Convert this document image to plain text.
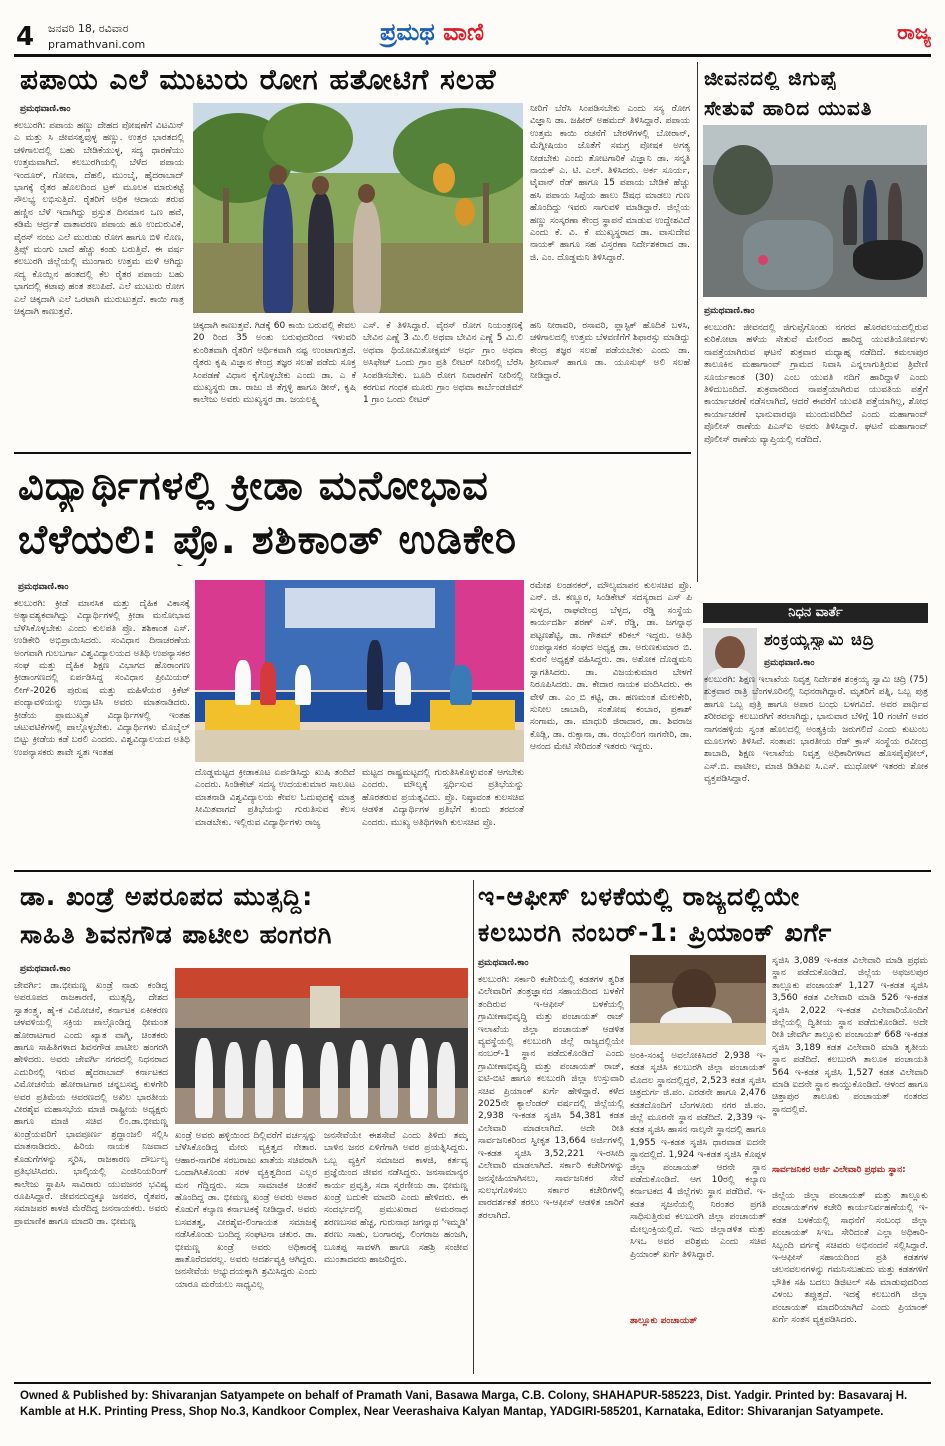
4 ಜನವರಿ 18, ರವಿವಾರ
pramathvani.com	ಪ್ರಮಥ ವಾಣಿ	ರಾಜ್ಯ
ಪಪಾಯ ಎಲೆ ಮುಟುರು ರೋಗ ಹತೋಟಿಗೆ ಸಲಹೆ
ಪ್ರಮಥವಾಣಿ.ಕಾಂ
ಕಲಬುರಗಿ: ಪಪಾಯ ಹಣ್ಣು ದೇಹದ ಪೋಷಣೆಗೆ ವಿಟಮಿನ್ ಎ ಮತ್ತು ಸಿ ಜೀವಸತ್ವವುಳ್ಳ ಹಣ್ಣು. ಉತ್ತರ ಭಾರತದಲ್ಲಿ ಚಳಿಗಾಲದಲ್ಲಿ ಬಹು ಬೇಡಿಕೆಯುಳ್ಳ, ಸದ್ಯ ಧಾರಣೆಯು ಉತ್ತಮವಾಗಿದೆ. ಕಲಬುರಗಿಯಲ್ಲಿ ಬೆಳೆದ ಪಪಾಯ ಇಂದೂರ್, ಗೋವಾ, ದೆಹಲಿ, ಮುಂಬೈ, ಹೈದರಾಬಾದ್ ಭಾಗಕ್ಕೆ ರೈತರ ಹೊಲದಿಂದ ಟ್ರಕ್ ಮೂಲಕ ಮಾರುಕಟ್ಟೆ ಸೌಲಭ್ಯ ಲಭಿಸುತ್ತಿದೆ. ರೈತರಿಗೆ ಅಧಿಕ ಆದಾಯ ತರುವ ಹಣ್ಣಿನ ಬೆಳೆ ಇದಾಗಿದ್ದು ಪ್ರಸ್ತುತ ದಿನಮಾನ ಒಣ ಹವೆ, ಕಡಿಮೆ ಆರ್ದ್ರತೆ ವಾತಾವರಣ ಪಪಾಯ ಹೂ ಉದುರುವಿಕೆ, ವೈರಸ್ ನಂಜು ಎಲೆ ಮುರುಡು ರೋಗ ಹಾಗೂ ಬಿಳಿ ನೊಣ, ತ್ರಿಪ್ಸ್ ಮಂಗು ಬಾದೆ ಹೆಚ್ಚು ಕಂಡು ಬರುತ್ತಿವೆ. ಈ ವರ್ಷ ಕಲಬುರಗಿ ಜಿಲ್ಲೆಯಲ್ಲಿ ಮುಂಗಾರು ಉತ್ತಮ ಮಳೆ ಆಗಿದ್ದು ಸದ್ಯ ಕೊಯ್ಲಿನ ಹಂತದಲ್ಲಿ ಕೆಲ ರೈತರ ಪಪಾಯ ಬಹು ಭಾಗದಲ್ಲಿ ಕಟಾವು ಹಂತ ತಲುಪಿದೆ. ಎಲೆ ಮುಟುರು ರೋಗ ಎಲೆ ಚಿಕ್ಕದಾಗಿ ಎಲೆ ಒರಟಾಗಿ ಮುರುಟುತ್ತದೆ. ಕಾಯಿ ಗಾತ್ರ ಚಿಕ್ಕದಾಗಿ ಕಾಣುತ್ತವೆ.
ಚಿಕ್ಕದಾಗಿ ಕಾಣುತ್ತವೆ. ಗಿಡಕ್ಕೆ 60 ಕಾಯಿ ಬರುವಲ್ಲಿ ಕೇವಲ 20 ರಿಂದ 35 ಅಂತು ಬರುವುದರಿಂದ ಇಳುವರಿ ಕುಂಠಿತವಾಗಿ ರೈತರಿಗೆ ಆರ್ಥಿಕವಾಗಿ ನಷ್ಟ ಉಂಟಾಗುತ್ತದೆ. ರೈತರು ಕೃಷಿ ವಿಜ್ಞಾನ ಕೇಂದ್ರ ತಜ್ಞರ ಸಲಹೆ ಪಡೆದು ಸೂಕ್ತ ಸಿಂಪಡಣೆ ವಿಧಾನ ಕೈಗೊಳ್ಳಬೇಕು ಎಂದು ಡಾ. ಎ ಕೆ ಮುಖ್ಯಸ್ಥರು ಡಾ. ರಾಜು ಜಿ ತೆಗ್ಗಳ್ಳಿ ಹಾಗೂ ಡೀನ್, ಕೃಷಿ ಕಾಲೇಜು ಅವರು ಮುಖ್ಯಸ್ಥರ ಡಾ. ಜಯಲಕ್ಷ್ಮಿ
ಎಸ್. ಕೆ ತಿಳಿಸಿದ್ದಾರೆ. ವೈರಸ್ ರೋಗ ನಿಯಂತ್ರಣಕ್ಕೆ ಬೇವಿನ ಎಣ್ಣೆ 3 ಮಿ.ಲಿ ಅಥವಾ ಬೇವಿನ ಎಣ್ಣೆ 5 ಮಿ.ಲಿ ಅಥವಾ ಥಿಯೋಮಿತೋಕ್ಸಮ್ ಅರ್ಧ ಗ್ರಾಂ ಅಥವಾ ಅಸಿಫೇಟ್ ಒಂದು ಗ್ರಾಂ ಪ್ರತಿ ಲೀಟರ್ ನೀರಿನಲ್ಲಿ ಬೆರೆಸಿ ಸಿಂಪಡಿಸಬೇಕು. ಬೂದಿ ರೋಗ ನಿವಾರಣೆಗೆ ನೀರಿನಲ್ಲಿ ಕರಗುವ ಗಂಧಕ ಮೂರು ಗ್ರಾಂ ಅಥವಾ ಕಾರ್ಬೆಂಡಜಿಮ್ 1 ಗ್ರಾಂ ಒಂದು ಲೀಟರ್
ನೀರಿಗೆ ಬೆರೆಸಿ ಸಿಂಪಡಿಸಬೇಕು ಎಂದು ಸಸ್ಯ ರೋಗ ವಿಜ್ಞಾನಿ ಡಾ. ಜಹೀರ್ ಅಹಮದ್ ತಿಳಿಸಿದ್ದಾರೆ. ಪಪಾಯ ಉತ್ತಮ ಕಾಯಿ ರಚನೆಗೆ ಬೇರಳೆಗಳಲ್ಲಿ ಬೋರಾನ್, ಮೆಗ್ನೀಷಿಯಂ ಜೊತೆಗೆ ಸಮಗ್ರ ಪೋಷಕ ಅಗತ್ಯ ನೀಡಬೇಕು ಎಂದು ತೋಟಗಾರಿಕೆ ವಿಜ್ಞಾನಿ ಡಾ. ಸನ್ಮತಿ ನಾಯಕ್ ಎ. ಟಿ. ಎಲ್. ತಿಳಿಸಿದರು. ಅರ್ಕ ಸೂರ್ಯ, ಟೈವಾನ್ ರೆಡ್ ಹಾಗೂ 15 ಪಪಾಯ ಬೇಡಿಕೆ ಹೆಚ್ಚು ಹಸಿ ಪಪಾಯ ಸಿಪ್ಪೆಯ ಹಾಲು ಔಷಧ ಮಾಡಲು ಗುಣ ಹೊಂದಿದ್ದು ಇವರು ಸಾಗುವಳಿ ಮಾಡಿದ್ದಾರೆ. ಜಿಲ್ಲೆಯ ಹಣ್ಣು ಸಂಸ್ಕರಣಾ ಕೇಂದ್ರ ಸ್ಥಾಪನೆ ಮಾಡುವ ಉದ್ದೇಶವಿದೆ ಎಂದು ಕೆ. ವಿ. ಕೆ ಮುಖ್ಯಸ್ಥರಾದ ಡಾ. ವಾಸುದೇವ ನಾಯಕ್ ಹಾಗೂ ಸಹ ವಿಸ್ತರಣಾ ನಿರ್ದೇಶಕರಾದ ಡಾ. ಜಿ. ಎಂ. ದೊಡ್ಡಮನಿ ತಿಳಿಸಿದ್ದಾರೆ.
ಹನಿ ನೀರಾವರಿ, ರಸಾವರಿ, ಪ್ಲಾಸ್ಟಿಕ್ ಹೊದಿಕೆ ಬಳಸಿ, ಚಳಿಗಾಲದಲ್ಲಿ ಉತ್ತಮ ಬೆಳವಣಿಗೆಗೆ ಶಿಫಾರಸ್ಸು ಮಾಡಿದ್ದು ಕೇಂದ್ರ ತಜ್ಞರ ಸಲಹೆ ಪಡೆಯಬೇಕು ಎಂದು ಡಾ. ಶ್ರೀನಿವಾಸ್ ಹಾಗೂ ಡಾ. ಯೂಸುಫ್ ಅಲಿ ಸಲಹೆ ನೀಡಿದ್ದಾರೆ.
ಜೀವನದಲ್ಲಿ ಜಿಗುಪ್ಸೆ
ಸೇತುವೆ ಹಾರಿದ ಯುವತಿ
ಪ್ರಮಥವಾಣಿ.ಕಾಂ
ಕಲಬುರಗಿ: ಜೀವನದಲ್ಲಿ ಜಿಗುಪ್ಸೆಗೊಂಡು ನಗರದ ಹೊರವಲಯದಲ್ಲಿರುವ ಕುರಿಕೋಟಾ ಹಳೆಯ ಸೇತುವೆ ಮೇಲಿಂದ ಹಾರಿದ್ದ ಯುವತಿಯೋರ್ವಳು ನಾಪತ್ತೆಯಾಗಿರುವ ಘಟನೆ ಶುಕ್ರವಾರ ಮಧ್ಯಾಹ್ನ ನಡೆದಿದೆ. ಕಮಲಾಪುರ ತಾಲೂಕಿನ ಮಹಾಗಾಂವ್ ಗ್ರಾಮದ ನಿವಾಸಿ ಎನ್ನಲಾಗುತ್ತಿರುವ ತ್ರಿವೇಣಿ ಸೂರ್ಯಕಾಂತ (30) ಎಂಬ ಯುವತಿ ನದಿಗೆ ಹಾರಿದ್ದಾಳೆ ಎಂದು ತಿಳಿದುಬಂದಿದೆ. ಶುಕ್ರವಾರದಿಂದ ನಾಪತ್ತೆಯಾಗಿರುವ ಯುವತಿಯ ಪತ್ತೆಗೆ ಕಾರ್ಯಾಚರಣೆ ನಡೆಸಲಾಗಿದೆ, ಆದರೆ ಈವರೆಗೆ ಯುವತಿ ಪತ್ತೆಯಾಗಿಲ್ಲ, ಶೋಧ ಕಾರ್ಯಾಚರಣೆ ಭಾನುವಾರವೂ ಮುಂದುವರಿದಿದೆ ಎಂದು ಮಹಾಗಾಂವ್ ಪೊಲೀಸ್ ಠಾಣೆಯ ಪಿಎಸ್ಐ ಅವರು ತಿಳಿಸಿದ್ದಾರೆ. ಘಟನೆ ಮಹಾಗಾಂವ್ ಪೊಲೀಸ್ ಠಾಣೆಯ ವ್ಯಾಪ್ತಿಯಲ್ಲಿ ನಡೆದಿದೆ.
ವಿದ್ಯಾರ್ಥಿಗಳಲ್ಲಿ ಕ್ರೀಡಾ ಮನೋಭಾವ
ಬೆಳೆಯಲಿ: ಪ್ರೊ. ಶಶಿಕಾಂತ್ ಉಡಿಕೇರಿ
ಪ್ರಮಥವಾಣಿ.ಕಾಂ
ಕಲಬುರಗಿ: ಕ್ರೀಡೆ ಮಾನಸಿಕ ಮತ್ತು ದೈಹಿಕ ವಿಕಾಸಕ್ಕೆ ಅತ್ಯಾವಶ್ಯಕವಾಗಿದ್ದು ವಿದ್ಯಾರ್ಥಿಗಳಲ್ಲಿ ಕ್ರೀಡಾ ಮನೋಭಾವ ಬೆಳೆಸಿಕೊಳ್ಳಬೇಕು ಎಂದು ಕುಲಪತಿ ಪ್ರೊ. ಶಶಿಕಾಂತ ಎಸ್. ಉಡಿಕೇರಿ ಅಭಿಪ್ರಾಯಿಸಿದರು. ಸಂವಿಧಾನ ದಿನಾಚರಣೆಯ ಅಂಗವಾಗಿ ಗುಲಬರ್ಗಾ ವಿಶ್ವವಿದ್ಯಾಲಯದ ಅತಿಥಿ ಉಪನ್ಯಾಸಕರ ಸಂಘ ಮತ್ತು ದೈಹಿಕ ಶಿಕ್ಷಣ ವಿಭಾಗದ ಹೊರಾಂಗಣ ಕ್ರೀಡಾಂಗಣದಲ್ಲಿ ಏರ್ಪಡಿಸಿದ್ದ ಸಂವಿಧಾನ ಪ್ರೀಮಿಯರ್ ಲೀಗ್-2026 ಪುರುಷ ಮತ್ತು ಮಹಿಳೆಯರ ಕ್ರಿಕೆಟ್ ಪಂದ್ಯಾವಳಿಯನ್ನು ಉದ್ಘಾಟಿಸಿ ಅವರು ಮಾತನಾಡಿದರು. ಕ್ರೀಡೆಯ ಪ್ರಾಮುಖ್ಯತೆ ವಿದ್ಯಾರ್ಥಿಗಳಲ್ಲಿ ಇಂತಹ ಚಟುವಟಿಕೆಗಳಲ್ಲಿ ಪಾಲ್ಗೊಳ್ಳಬೇಕು. ವಿದ್ಯಾರ್ಥಿಗಳು ಮೊಬೈಲ್ ಬಿಟ್ಟು ಕ್ರೀಡೆಯ ಕಡೆ ಬರಲಿ ಎಂದರು. ವಿಶ್ವವಿದ್ಯಾಲಯದ ಅತಿಥಿ ಉಪನ್ಯಾಸಕರು ತಾವೇ ಸ್ವತಃ ಇಂತಹ
ದೊಡ್ಡಮಟ್ಟದ ಕ್ರೀಡಾಕೂಟ ಏರ್ಪಡಿಸಿದ್ದು ಖುಷಿ ತಂದಿದೆ ಎಂದರು. ಸಿಂಡಿಕೇಟ್ ಸದಸ್ಯ ಉದಯಕುಮಾರ ಸಾಲೂಟ ಮಾತನಾಡಿ ವಿಶ್ವವಿದ್ಯಾಲಯ ಕೇವಲ ಓದುವುದಕ್ಕೆ ಮಾತ್ರ ಸೀಮಿತವಾಗದೆ ಪ್ರತಿಭೆಯನ್ನು ಗುರುತಿಸುವ ಕೆಲಸ ಮಾಡಬೇಕು. ಇಲ್ಲಿರುವ ವಿದ್ಯಾರ್ಥಿಗಳು ರಾಜ್ಯ
ಮಟ್ಟದ ರಾಷ್ಟ್ರಮಟ್ಟದಲ್ಲಿ ಗುರುತಿಸಿಕೊಳ್ಳುವಂತೆ ಆಗಬೇಕು ಎಂದರು. ಮೌಲ್ಯಕ್ಕೆ ಸ್ಪರ್ಧಿಸುವ ಪ್ರತಿಭೆಯನ್ನು ಹೊರತರುವ ಪ್ರಯತ್ನವಿದು. ಪ್ರೊ. ನಿಷ್ಠಾವಂತ ಕುಲಸಚಿವ ಆಡಳಿತ ವಿದ್ಯಾರ್ಥಿಗಳ ಪ್ರತಿಭೆಗೆ ಕುಂದು ತರದಂತೆ ಎಂದರು. ಮುಖ್ಯ ಅತಿಥಿಗಳಾಗಿ ಕುಲಸಚಿವ ಪ್ರೊ.
ರಮೇಶ ಲಂಡನಕರ್, ಮೌಲ್ಯಮಾಪನ ಕುಲಸಚಿವ ಪ್ರೊ. ಎನ್. ಜಿ. ಕಣ್ಣೂರ, ಸಿಂಡಿಕೇಟ್ ಸದಸ್ಯರಾದ ಎಸ್ ಪಿ ಸುಳ್ಳದ, ರಾಘವೇಂದ್ರ ಬೆಳ್ಳದ, ರೆಡ್ಡಿ ಸಂಸ್ಥೆಯ ಕಾರ್ಯದರ್ಶಿ ಶರಣ್ ಎಸ್. ರೆಡ್ಡಿ, ಡಾ. ಜಗನ್ನಾಥ ಪಟ್ಟಣಶೆಟ್ಟಿ, ಡಾ. ಗೌತಮ್ ಕರಿಕಲ್ ಇದ್ದರು. ಅತಿಥಿ ಉಪನ್ಯಾಸಕರ ಸಂಘದ ಅಧ್ಯಕ್ಷ ಡಾ. ಅರುಣಕುಮಾರ ಬಿ. ಕುರನೆ ಅಧ್ಯಕ್ಷತೆ ವಹಿಸಿದ್ದರು. ಡಾ. ಅಶೋಕ ದೊಡ್ಡಮನಿ ಸ್ವಾಗತಿಸಿದರು. ಡಾ. ವಿಜಯಕುಮಾರ ಬೇಳಗೆ ನಿರೂಪಿಸಿದರು. ಡಾ. ಕೇದಾರ ನಾಯಕ ವಂದಿಸಿದರು. ಈ ವೇಳೆ ಡಾ. ಎಂ ಬಿ ಕಟ್ಟಿ, ಡಾ. ಹಣಮಂತ ಮೇಲಕೇರಿ, ಸುನೀಲ ಜಾಬಾದಿ, ಸಂತೋಷ ಕಂಬಾರ, ಪ್ರಕಾಶ್ ಸಂಗಾಮ, ಡಾ. ಮಾಧುರಿ ಜಿರಾದಾರ, ಡಾ. ಶಿವರಾಜ ಕೊಡ್ಲಿ, ಡಾ. ರುಕ್ಸಾನಾ, ಡಾ. ರಂಭುಲಿಂಗ ನಾಗನೇರಿ, ಡಾ. ಆನಂದ ಮೇಟಿ ಸೇರಿದಂತೆ ಇತರರು ಇದ್ದರು.
ನಿಧನ ವಾರ್ತೆ
ಶಂಕ್ರಯ್ಯಸ್ವಾಮಿ ಚಿದ್ರಿ
ಪ್ರಮಥವಾಣಿ.ಕಾಂ
ಕಲಬುರಗಿ: ಶಿಕ್ಷಣ ಇಲಾಖೆಯ ನಿವೃತ್ತ ನಿರ್ದೇಶಕ ಶಂಕ್ರಯ್ಯ ಸ್ವಾಮಿ ಚಿದ್ರಿ (75) ಶುಕ್ರವಾರ ರಾತ್ರಿ ಬೆಂಗಳೂರಿನಲ್ಲಿ ನಿಧನರಾಗಿದ್ದಾರೆ. ಮೃತರಿಗೆ ಪತ್ನಿ, ಒಬ್ಬ ಪುತ್ರ ಹಾಗೂ ಒಬ್ಬ ಪುತ್ರಿ ಹಾಗೂ ಅಪಾರ ಬಂಧು ಬಳಗವಿದೆ. ಅವರ ಪಾರ್ಥಿವ ಶರೀರವನ್ನು ಕಲಬುರಗಿಗೆ ತರಲಾಗಿದ್ದು, ಭಾನುವಾರ ಬೆಳಿಗ್ಗೆ 10 ಗಂಟೆಗೆ ಅವರ ನಾಗನಹಳ್ಳಿಯ ಸ್ವಂತ ಹೊಲದಲ್ಲಿ ಅಂತ್ಯಕ್ರಿಯೆ ಜರುಗಲಿದೆ ಎಂದು ಕುಟುಂಬ ಮೂಲಗಳು ತಿಳಿಸಿವೆ. ಸಂತಾಪ: ಭಾರತೀಯ ರೆಡ್ ಕ್ರಾಸ್ ಸಂಸ್ಥೆಯ ರವೀಂದ್ರ ಶಾಬಾದಿ, ಶಿಕ್ಷಣ ಇಲಾಖೆಯ ನಿವೃತ್ತ ಅಧಿಕಾರಿಗಳಾದ ಹೊಸಪೈಪೋಲ್, ಎಸ್.ಬಿ. ಪಾಟೀಲ, ಮಾಜಿ ಡಿಡಿಪಿಐ ಸಿ.ಎಸ್. ಮುಧೋಳ್ ಇತರರು ಶೋಕ ವ್ಯಕ್ತಪಡಿಸಿದ್ದಾರೆ.
ಡಾ. ಖಂಡ್ರೆ ಅಪರೂಪದ ಮುತ್ಸದ್ದಿ:
ಸಾಹಿತಿ ಶಿವನಗೌಡ ಪಾಟೀಲ ಹಂಗರಗಿ
ಪ್ರಮಥವಾಣಿ.ಕಾಂ
ಜೇವರ್ಗಿ: ಡಾ.ಭೀಮಣ್ಣ ಖಂಡ್ರೆ ನಾಡು ಕಂಡಿದ್ದ ಅಪರೂಪದ ರಾಜಕಾರಣಿ, ಮುತ್ಸದ್ದಿ, ದೇಶದ ಸ್ವಾತಂತ್ರ್ಯ, ಹೈ-ಕ ವಿಮೋಚನೆ, ಕರ್ನಾಟಕ ಏಕೀಕರಣ ಚಳವಳಿಯಲ್ಲಿ ಸಕ್ರಿಯ ಪಾಲ್ಗೊಂಡಿದ್ದ ಧೀಮಂತ ಹೋರಾಟಗಾರ ಎಂದು ಖ್ಯಾತ ವಾಗ್ಮಿ, ಚಿಂತಕರು ಹಾಗೂ ಸಾಹಿತಿಗಳಾದ ಶಿವನಗೌಡ ಪಾಟೀಲ ಹಂಗರಗಿ ಹೇಳಿದರು. ಅವರು ಜೇವರ್ಗಿ ನಗರದಲ್ಲಿ ನಿಧನರಾದ ಎದುರಿನಲ್ಲಿ ಇರುವ ಹೈದರಾಬಾದ್ ಕರ್ನಾಟಕದ ವಿಮೋಚನೆಯ ಹೋರಾಟಗಾರ ಚನ್ನಬಸವ್ವ ಕುಳಗೇರಿ ಅವರ ಪ್ರತಿಮೆಯ ಆವರಣದಲ್ಲಿ ಅಖಿಲ ಭಾರತೀಯ ವೀರಶೈವ ಮಹಾಸಭೆಯ ಮಾಜಿ ರಾಷ್ಟ್ರೀಯ ಅಧ್ಯಕ್ಷರು ಹಾಗೂ ಮಾಜಿ ಸಚಿವ ಲಿಂ.ಡಾ.ಭೀಮಣ್ಣ ಖಂಡ್ರೆಯವರಿಗೆ ಭಾವಪೂರ್ಣ ಶ್ರದ್ಧಾಂಜಲಿ ಸಲ್ಲಿಸಿ ಮಾತನಾಡಿದರು. ಹಿರಿಯ ನಾಯಕ ನಿಜವಾದ ಕೊಡುಗೆಗಳನ್ನು ಸ್ಮರಿಸಿ, ರಾಜಕಾರಣ ದೌರ್ಬಲ್ಯ ಪ್ರತಿಭಟಿಸಿದರು. ಭಾಲ್ಕಿಯಲ್ಲಿ ಎಂಜಿನಿಯರಿಂಗ್ ಕಾಲೇಜು ಸ್ಥಾಪಿಸಿ ಸಾವಿರಾರು ಯುವಜನರ ಭವಿಷ್ಯ ರೂಪಿಸಿದ್ದಾರೆ. ಜೀವನದುದ್ದಕ್ಕೂ ಜನಪರ, ರೈತಪರ, ಸಮಾಜಪರ ಕಾಳಜಿ ಮೆರೆದಿದ್ದ ಜನನಾಯಕರು. ಅವರು ಪ್ರಾಮಾಣಿಕ ಹಾಗೂ ಮಾದರಿ ಡಾ. ಭೀಮಣ್ಣ
ಖಂಡ್ರೆ ಅವರು ಹಳ್ಳಿಯಿಂದ ದಿಲ್ಲಿವರೆಗೆ ವರ್ಚಸ್ಸನ್ನು ಬೆಳೆಸಿಕೊಂಡಿದ್ದ ಮೇರು ವ್ಯಕ್ತಿತ್ವದ ನೇತಾರ. ಆಹಾರ-ನಾಗರಿಕ ಸರಬರಾಜು ಖಾತೆಯ ಸಚಿವರಾಗಿ ಒಂದಾಗಿಸಿಕೊಂಡು ಸರಳ ವ್ಯಕ್ತಿತ್ವದಿಂದ ಎಲ್ಲರ ಮನ ಗೆದ್ದಿದ್ದರು. ಸದಾ ಸಾಮಾಜಿಕ ಚಿಂತನೆ ಹೊಂದಿದ್ದ ಡಾ. ಭೀಮಣ್ಣ ಖಂಡ್ರೆ ಅವರು ಅಪಾರ ಕೊಡುಗೆ ಕಲ್ಯಾಣ ಕರ್ನಾಟಕಕ್ಕೆ ನೀಡಿದ್ದಾರೆ. ಅವರು ಬಸವತತ್ವ, ವೀರಶೈವ-ಲಿಂಗಾಯತ ಸಮಾಜಕ್ಕೆ ನಡೆಸಿಕೊಂಡು ಬಂದಿದ್ದ ಸಂಘಟನಾ ಚತುರ. ಡಾ. ಭೀಮಣ್ಣ ಖಂಡ್ರೆ ಅವರು ಅಧಿಕಾರಕ್ಕೆ ಹಾತೊರೆದವರಲ್ಲ. ಅವರು ಆದರ್ಶವ್ಯಕ್ತಿ ಆಗಿದ್ದರು. ಜನಸೇವೆಯ ಅಭ್ಯುದಯಕ್ಕಾಗಿ ಶ್ರಮಿಸಿದ್ದರು ಎಂದು ಯಾರೂ ಮರೆಯಲು ಸಾಧ್ಯವಿಲ್ಲ
ಜನಸೇವೆಯೇ ಈಶಸೇವೆ ಎಂದು ತಿಳಿದು ತಮ್ಮ ಬಾಳಿನ ಜನರ ಏಳಿಗೆಗಾಗಿ ಅವರ ಪ್ರಯತ್ನಿಸಿದ್ದರು. ಒಬ್ಬ ವ್ಯಕ್ತಿಗೆ ಸಮಾಜದ ಕಾಳಜಿ, ಕರ್ತವ್ಯ ಪ್ರಜ್ಞೆಯಿಂದ ಜೀವನ ನಡೆಸಿದ್ದರು. ಜನಸಾಮಾನ್ಯರ ಕಾರ್ಯ ಪ್ರವೃತ್ತಿ, ಸದಾ ಸ್ಮರಣೀಯ ಡಾ. ಭೀಮಣ್ಣ ಖಂಡ್ರೆ ಬದುಕೇ ಮಾದರಿ ಎಂದು ಹೇಳಿದರು. ಈ ಸಂದರ್ಭದಲ್ಲಿ ಪ್ರಮುಖರಾದ ಅಮರನಾಥ ಶರಣಬಸವ ಹೆಚ್ಚ, ಗುರುನಾಥ ಜಗನ್ನಾಥ 'ಇಮ್ಮಡಿ' ಶರಣು ಸಾಹು, ಬಂಗಾರಪ್ಪ, ಲಿಂಗರಾಜ ಹಂಜಗಿ, ಬೂತಪ್ಪ ಸಾವಳಗಿ ಹಾಗೂ ಸಹಶ್ರಿ ಸಂಜೀವ ಮುಂತಾದವರು ಹಾಜರಿದ್ದರು.
ಇ-ಆಫೀಸ್ ಬಳಕೆಯಲ್ಲಿ ರಾಜ್ಯದಲ್ಲಿಯೇ
ಕಲಬುರಗಿ ನಂಬರ್-1: ಪ್ರಿಯಾಂಕ್ ಖರ್ಗೆ
ಪ್ರಮಥವಾಣಿ.ಕಾಂ
ಕಲಬುರಗಿ: ಸರ್ಕಾರಿ ಕಚೇರಿಯಲ್ಲಿ ಕಡತಗಳ ತ್ವರಿತ ವಿಲೇವಾರಿಗೆ ತಂತ್ರಜ್ಞಾನದ ಸಹಾಯದಿಂದ ಬಳಕೆಗೆ ತಂದಿರುವ ಇ-ಆಫೀಸ್ ಬಳಕೆಯಲ್ಲಿ ಗ್ರಾಮೀಣಾಭಿವೃದ್ಧಿ ಮತ್ತು ಪಂಚಾಯತ್ ರಾಜ್ ಇಲಾಖೆಯ ಜಿಲ್ಲಾ ಪಂಚಾಯತ್ ಆಡಳಿತ ವ್ಯವಸ್ಥೆಯಲ್ಲಿ ಕಲಬುರಗಿ ಜಿಲ್ಲೆ ರಾಜ್ಯದಲ್ಲಿಯೇ ನಂಬರ್-1 ಸ್ಥಾನ ಪಡೆದುಕೊಂಡಿದೆ ಎಂದು ಗ್ರಾಮೀಣಾಭಿವೃದ್ಧಿ ಮತ್ತು ಪಂಚಾಯತ್ ರಾಜ್, ಐಟಿ-ಬಿಟಿ ಹಾಗೂ ಕಲಬುರಗಿ ಜಿಲ್ಲಾ ಉಸ್ತುವಾರಿ ಸಚಿವ ಪ್ರಿಯಾಂಕ್ ಖರ್ಗೆ ಹೇಳಿದ್ದಾರೆ. ಕಳೆದ 2025ನೇ ಕ್ಯಾಲೆಂಡರ್ ವರ್ಷದಲ್ಲಿ ಜಿಲ್ಲೆಯಲ್ಲಿ 2,938 ಇ-ಕಡತ ಸೃಜಿಸಿ 54,381 ಕಡತ ವಿಲೇವಾರಿ ಮಾಡಲಾಗಿದೆ. ಅದೇ ರೀತಿ ಸಾರ್ವಜನಿಕರಿಂದ ಸ್ವೀಕೃತ 13,664 ಅರ್ಜಿಗಳಲ್ಲಿ ಇ-ಕಡತ ಸೃಜಿಸಿ 3,52,221 ಇ-ರಸೀದಿ ವಿಲೇವಾರಿ ಮಾಡಲಾಗಿದೆ. ಸರ್ಕಾರಿ ಕಚೇರಿಗಳನ್ನು ಜನಸ್ನೇಹಿಯಾಗಿಸಲು, ಸಾರ್ವಜನಿಕರ ಸೇವೆ ಸುಲಭಗೊಳಿಸಲು ಸರ್ಕಾರ ಕಚೇರಿಗಳಲ್ಲಿ ಪಾರದರ್ಶಕತೆ ತರಲು ಇ-ಆಫೀಸ್ ಆಡಳಿತ ಜಾರಿಗೆ ತರಲಾಗಿದೆ.
ಅಂಕಿ-ಸಂಖ್ಯೆ ಅವಲೋಕಿಸಿದರೆ 2,938 ಇ-ಕಡತ ಸೃಜಿಸಿ ಕಲಬುರಗಿ ಜಿಲ್ಲಾ ಪಂಚಾಯತ್ ಮೊದಲ ಸ್ಥಾನದಲ್ಲಿದ್ದರೆ, 2,523 ಕಡತ ಸೃಜಿಸಿ ಚಿತ್ರದುರ್ಗ ಜಿ.ಪಂ. ಎರಡನೇ ಹಾಗೂ 2,476 ಕಡತದೊಂದಿಗೆ ಬೆಂಗಳೂರು ನಗರ ಜಿ.ಪಂ. ಜಿಲ್ಲೆ ಮೂರನೇ ಸ್ಥಾನ ಪಡೆದಿದೆ. 2,339 ಇ-ಕಡತ ಸೃಜಿಸಿ ಹಾಸನ ನಾಲ್ಕನೇ ಸ್ಥಾನದಲ್ಲಿ ಹಾಗೂ 1,955 ಇ-ಕಡತ ಸೃಜಿಸಿ ಧಾರವಾಡ ಐದನೇ ಸ್ಥಾನದಲ್ಲಿದೆ. 1,924 ಇ-ಕಡತ ಸೃಜಿಸಿ ಕೊಪ್ಪಳ ಜಿಲ್ಲಾ ಪಂಚಾಯತ್ ಆರನೇ ಸ್ಥಾನ ಪಡೆದುಕೊಂಡಿದೆ. ಆಗ 10ರಲ್ಲಿ ಕಲ್ಯಾಣ ಕರ್ನಾಟಕದ 4 ಜಿಲ್ಲೆಗಳು ಸ್ಥಾನ ಪಡೆದಿವೆ. ಇ-ಕಡತ ಸೃಜನೆಯಲ್ಲಿ ನಿರಂತರ ಪ್ರಗತಿ ಸಾಧಿಸುತ್ತಿರುವ ಕಲಬುರಗಿ ಜಿಲ್ಲಾ ಪಂಚಾಯತ್ ಮೇಲ್ಪಂಕ್ತಿಯಲ್ಲಿದೆ. ಇದು ಜಿಲ್ಲಾಡಳಿತ ಮತ್ತು ಸಿಇಒ ಅವರ ಪರಿಶ್ರಮ ಎಂದು ಸಚಿವ ಪ್ರಿಯಾಂಕ್ ಖರ್ಗೆ ತಿಳಿಸಿದ್ದಾರೆ.
ತಾಲ್ಲೂಕು ಪಂಚಾಯತ್
ಸೃಜಿಸಿ 3,089 ಇ-ಕಡತ ವಿಲೇವಾರಿ ಮಾಡಿ ಪ್ರಥಮ ಸ್ಥಾನ ಪಡೆದುಕೊಂಡಿದೆ. ಜಿಲ್ಲೆಯ ಅಫಜಲಪುರ ತಾಲ್ಲೂಕು ಪಂಚಾಯತ್ 1,127 ಇ-ಕಡತ ಸೃಜಿಸಿ 3,560 ಕಡತ ವಿಲೇವಾರಿ ಮಾಡಿ 526 ಇ-ಕಡತ ಸೃಜಿಸಿ 2,022 ಇ-ಕಡತ ವಿಲೇವಾರಿಯೊಂದಿಗೆ ಜಿಲ್ಲೆಯಲ್ಲಿ ದ್ವಿತೀಯ ಸ್ಥಾನ ಪಡೆದುಕೊಂಡಿದೆ. ಅದೇ ರೀತಿ ಜೇವರ್ಗಿ ತಾಲ್ಲೂಕು ಪಂಚಾಯತ್ 668 ಇ-ಕಡತ ಸೃಜಿಸಿ 3,189 ಕಡತ ವಿಲೇವಾರಿ ಮಾಡಿ ತೃತೀಯ ಸ್ಥಾನ ಪಡೆದಿದೆ. ಕಲಬುರಗಿ ತಾಲೂಕ ಪಂಚಾಯತಿ 564 ಇ-ಕಡತ ಸೃಜಿಸಿ 1,527 ಕಡತ ವಿಲೇವಾರಿ ಮಾಡಿ ಐದನೇ ಸ್ಥಾನ ಕಾಯ್ದುಕೊಂಡಿದೆ. ಆಳಂದ ಹಾಗೂ ಚಿತ್ತಾಪುರ ತಾಲೂಕು ಪಂಚಾಯತ್ ನಂತರದ ಸ್ಥಾನದಲ್ಲಿವೆ.
ಸಾರ್ವಜನಿಕರ ಅರ್ಜಿ ವಿಲೇವಾರಿ ಪ್ರಥಮ ಸ್ಥಾನ:
ಜಿಲ್ಲೆಯ ಜಿಲ್ಲಾ ಪಂಚಾಯತ್ ಮತ್ತು ತಾಲ್ಲೂಕು ಪಂಚಾಯತ್‌ಗಳ ಕಚೇರಿ ಕಾರ್ಯನಿರ್ವಹಣೆಯಲ್ಲಿ ಇ-ಕಡತ ಬಳಕೆಯಲ್ಲಿ ಸಾಧನೆಗೆ ಸಂಬಂಧ ಜಿಲ್ಲಾ ಪಂಚಾಯತ್ ಸಿಇಒ ಸೇರಿದಂತೆ ಎಲ್ಲಾ ಅಧಿಕಾರಿ-ಸಿಬ್ಬಂದಿ ವರ್ಗಕ್ಕೆ ಸಚಿವರು ಅಭಿನಂದನೆ ಸಲ್ಲಿಸಿದ್ದಾರೆ. ಇ-ಆಫೀಸ್ ಸಹಾಯದಿಂದ ಪ್ರತಿ ಕಡತಗಳ ಚಲನವಲನಗಳನ್ನು ಗಮನಿಸಬಹುದು ಮತ್ತು ಕಡತಗಳಿಗೆ ಭೌತಿಕ ಸಹಿ ಬದಲು ಡಿಜಿಟಲ್ ಸಹಿ ಮಾಡುವುದರಿಂದ ವಿಳಂಬ ತಪ್ಪುತ್ತದೆ. ಇದಕ್ಕೆ ಕಲಬುರಗಿ ಜಿಲ್ಲಾ ಪಂಚಾಯತ್ ಮಾದರಿಯಾಗಿದೆ ಎಂದು ಪ್ರಿಯಾಂಕ್ ಖರ್ಗೆ ಸಂತಸ ವ್ಯಕ್ತಪಡಿಸಿದರು.
Owned & Published by: Shivaranjan Satyampete on behalf of Pramath Vani, Basawa Marga, C.B. Colony, SHAHAPUR-585223, Dist. Yadgir. Printed by: Basavaraj H. Kamble at H.K. Printing Press, Shop No.3, Kandkoor Complex, Near Veerashaiva Kalyan Mantap, YADGIRI-585201, Karnataka, Editor: Shivaranjan Satyampete.
